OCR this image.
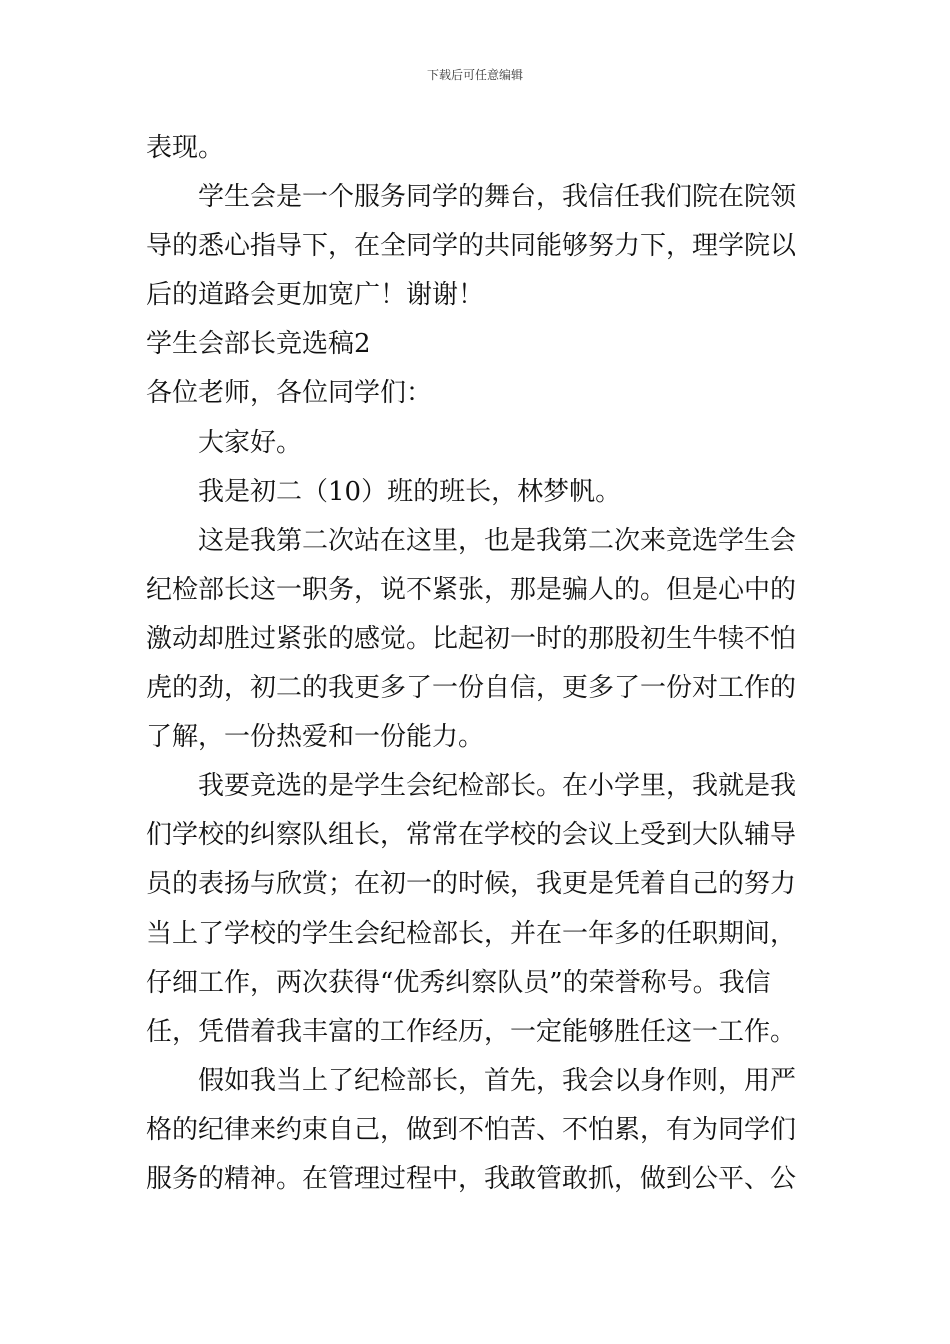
下载后可任意编辑
表现。
学生会是一个服务同学的舞台，我信任我们院在院领
导的悉心指导下，在全同学的共同能够努力下，理学院以
后的道路会更加宽广！谢谢！
学生会部长竞选稿2
各位老师，各位同学们：
大家好。
我是初二（10）班的班长，林梦帆。
这是我第二次站在这里，也是我第二次来竞选学生会
纪检部长这一职务，说不紧张，那是骗人的。但是心中的
激动却胜过紧张的感觉。比起初一时的那股初生牛犊不怕
虎的劲，初二的我更多了一份自信，更多了一份对工作的
了解，一份热爱和一份能力。
我要竞选的是学生会纪检部长。在小学里，我就是我
们学校的纠察队组长，常常在学校的会议上受到大队辅导
员的表扬与欣赏；在初一的时候，我更是凭着自己的努力
当上了学校的学生会纪检部长，并在一年多的任职期间，
仔细工作，两次获得“优秀纠察队员”的荣誉称号。我信
任，凭借着我丰富的工作经历，一定能够胜任这一工作。
假如我当上了纪检部长，首先，我会以身作则，用严
格的纪律来约束自己，做到不怕苦、不怕累，有为同学们
服务的精神。在管理过程中，我敢管敢抓，做到公平、公
